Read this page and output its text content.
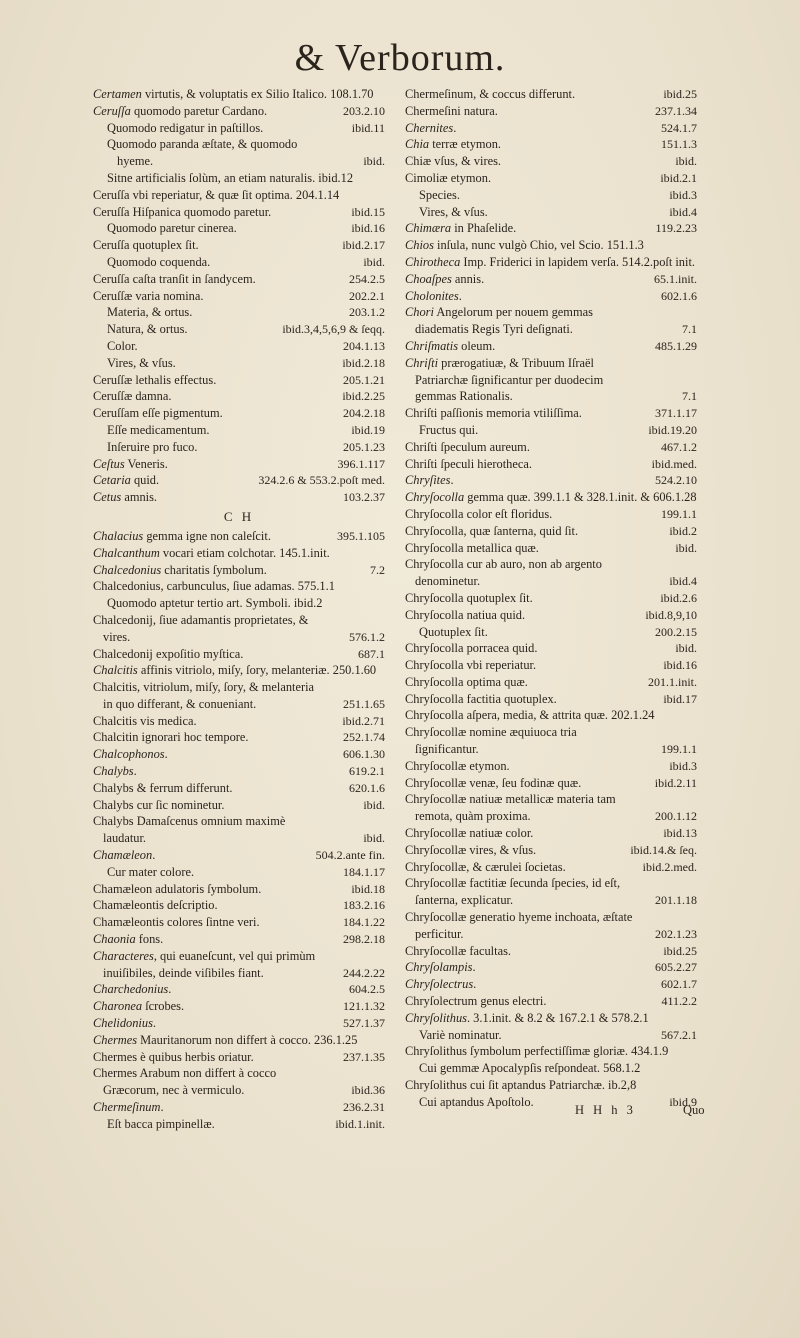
& Verborum.
Certamen virtutis, & voluptatis ex Silio Italico. 108.1.70
Ceruſſa quomodo paretur Cardano.	203.2.10
Quomodo redigatur in paſtillos.	ibid.11
Quomodo paranda æſtate, & quomodo hyeme.	ibid.
Sitne artificialis ſolùm, an etiam naturalis. ibid.12
Ceruſſa vbi reperiatur, & quæ ſit optima. 204.1.14
Ceruſſa Hiſpanica quomodo paretur.	ibid.15
Quomodo paretur cinerea.	ibid.16
Ceruſſa quotuplex ſit.	ibid.2.17
Quomodo coquenda.	ibid.
Ceruſſa caſta tranſit in ſandycem.	254.2.5
Ceruſſæ varia nomina.	202.2.1
Materia, & ortus.	203.1.2
Natura, & ortus.	ibid.3,4,5,6,9 & ſeqq.
Color.	204.1.13
Vires, & vſus.	ibid.2.18
Ceruſſæ lethalis effectus.	205.1.21
Ceruſſæ damna.	ibid.2.25
Ceruſſam eſſe pigmentum.	204.2.18
Eſſe medicamentum.	ibid.19
Inſeruire pro fuco.	205.1.23
Ceſtus Veneris.	396.1.117
Cetaria quid.	324.2.6 & 553.2.poſt med.
Cetus amnis.	103.2.37
C H
Chalacius gemma igne non caleſcit.	395.1.105
Chalcanthum vocari etiam colchotar. 145.1.init.
Chalcedonius charitatis ſymbolum.	7.2
Chalcedonius, carbunculus, ſiue adamas. 575.1.1
Quomodo aptetur tertio art. Symboli. ibid.2
Chalcedonij, ſiue adamantis proprietates, & vires.	576.1.2
Chalcedonij expoſitio myſtica.	687.1
Chalcitis affinis vitriolo, miſy, ſory, melanteriæ. 250.1.60
Chalcitis, vitriolum, miſy, ſory, & melanteria in quo differant, & conueniant.	251.1.65
Chalcitis vis medica.	ibid.2.71
Chalcitin ignorari hoc tempore.	252.1.74
Chalcophonos.	606.1.30
Chalybs.	619.2.1
Chalybs & ferrum differunt.	620.1.6
Chalybs cur ſic nominetur.	ibid.
Chalybs Damaſcenus omnium maximè laudatur.	ibid.
Chamæleon.	504.2.ante fin.
Cur mater colore.	184.1.17
Chamæleon adulatoris ſymbolum.	ibid.18
Chamæleontis deſcriptio.	183.2.16
Chamæleontis colores ſintne veri.	184.1.22
Chaonia fons.	298.2.18
Characteres, qui euaneſcunt, vel qui primùm inuiſibiles, deinde viſibiles fiant.	244.2.22
Charchedonius.	604.2.5
Charonea ſcrobes.	121.1.32
Chelidonius.	527.1.37
Chermes Mauritanorum non differt à cocco. 236.1.25
Chermes è quibus herbis oriatur.	237.1.35
Chermes Arabum non differt à cocco Græcorum, nec à vermiculo.	ibid.36
Chermeſinum.	236.2.31
Eſt bacca pimpinellæ.	ibid.1.init.
Chermeſinum, & coccus differunt.	ibid.25
Chermeſini natura.	237.1.34
Chernites.	524.1.7
Chia terræ etymon.	151.1.3
Chiæ vſus, & vires.	ibid.
Cimoliæ etymon.	ibid.2.1
Species.	ibid.3
Vires, & vſus.	ibid.4
Chimæra in Phaſelide.	119.2.23
Chios inſula, nunc vulgò Chio, vel Scio. 151.1.3
Chirotheca Imp. Friderici in lapidem verſa. 514.2.poſt init.
Choaſpes annis.	65.1.init.
Cholonites.	602.1.6
Chori Angelorum per nouem gemmas diadematis Regis Tyri deſignati.	7.1
Chriſmatis oleum.	485.1.29
Chriſti prærogatiuæ, & Tribuum Iſraël Patriarchæ ſignificantur per duodecim gemmas Rationalis.	7.1
Chriſti paſſionis memoria vtiliſſima.	371.1.17
Fructus qui.	ibid.19.20
Chriſti ſpeculum aureum.	467.1.2
Chriſti ſpeculi hierotheca.	ibid.med.
Chryſites.	524.2.10
Chryſocolla gemma quæ. 399.1.1 & 328.1.init. & 606.1.28
Chryſocolla color eſt floridus.	199.1.1
Chryſocolla, quæ ſanterna, quid ſit.	ibid.2
Chryſocolla metallica quæ.	ibid.
Chryſocolla cur ab auro, non ab argento denominetur.	ibid.4
Chryſocolla quotuplex ſit.	ibid.2.6
Chryſocolla natiua quid.	ibid.8,9,10
Quotuplex ſit.	200.2.15
Chryſocolla porracea quid.	ibid.
Chryſocolla vbi reperiatur.	ibid.16
Chryſocolla optima quæ.	201.1.init.
Chryſocolla factitia quotuplex.	ibid.17
Chryſocolla aſpera, media, & attrita quæ. 202.1.24
Chryſocollæ nomine æquiuoca tria ſignificantur.	199.1.1
Chryſocollæ etymon.	ibid.3
Chryſocollæ venæ, ſeu fodinæ quæ.	ibid.2.11
Chryſocollæ natiuæ metallicæ materia tam remota, quàm proxima.	200.1.12
Chryſocollæ natiuæ color.	ibid.13
Chryſocollæ vires, & vſus.	ibid.14.& ſeq.
Chryſocollæ, & cærulei ſocietas.	ibid.2.med.
Chryſocollæ factitiæ ſecunda ſpecies, id eſt, ſanterna, explicatur.	201.1.18
Chryſocollæ generatio hyeme inchoata, æſtate perficitur.	202.1.23
Chryſocollæ facultas.	ibid.25
Chryſolampis.	605.2.27
Chryſolectrus.	602.1.7
Chryſolectrum genus electri.	411.2.2
Chryſolithus. 3.1.init. & 8.2 & 167.2.1 & 578.2.1
Variè nominatur.	567.2.1
Chryſolithus ſymbolum perfectiſſimæ gloriæ. 434.1.9
Cui gemmæ Apocalypſis reſpondeat. 568.1.2
Chryſolithus cui ſit aptandus Patriarchæ. ib.2,8
Cui aptandus Apoſtolo.	ibid.9
H H h 3	Quo
